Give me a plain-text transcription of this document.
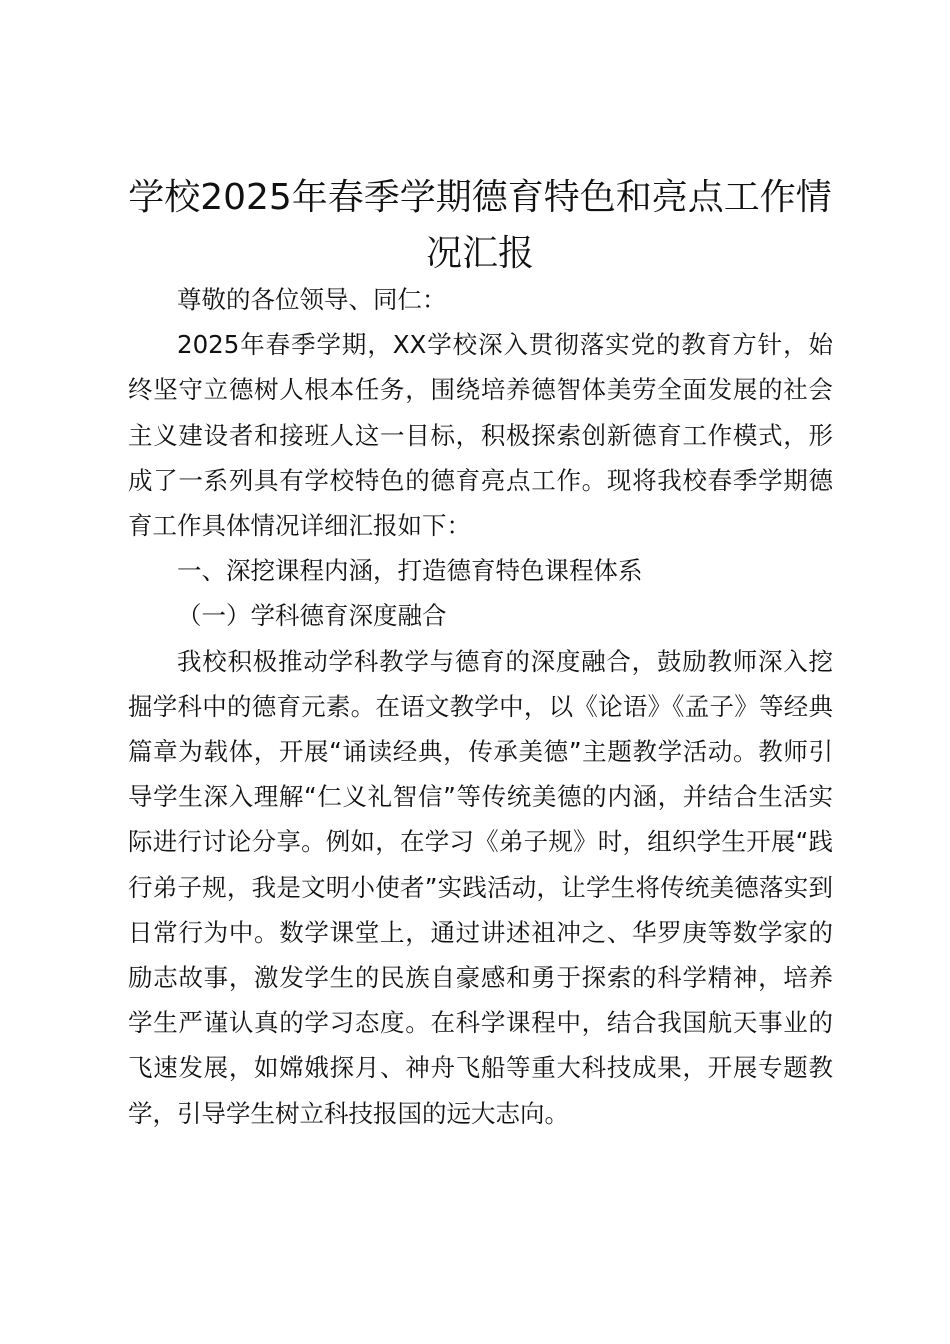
学校2025年春季学期德育特色和亮点工作情况汇报

尊敬的各位领导、同仁：

2025年春季学期，XX学校深入贯彻落实党的教育方针，始终坚守立德树人根本任务，围绕培养德智体美劳全面发展的社会主义建设者和接班人这一目标，积极探索创新德育工作模式，形成了一系列具有学校特色的德育亮点工作。现将我校春季学期德育工作具体情况详细汇报如下：

一、深挖课程内涵，打造德育特色课程体系

（一）学科德育深度融合

我校积极推动学科教学与德育的深度融合，鼓励教师深入挖掘学科中的德育元素。在语文教学中，以《论语》《孟子》等经典篇章为载体，开展“诵读经典，传承美德”主题教学活动。教师引导学生深入理解“仁义礼智信”等传统美德的内涵，并结合生活实际进行讨论分享。例如，在学习《弟子规》时，组织学生开展“践行弟子规，我是文明小使者”实践活动，让学生将传统美德落实到日常行为中。数学课堂上，通过讲述祖冲之、华罗庚等数学家的励志故事，激发学生的民族自豪感和勇于探索的科学精神，培养学生严谨认真的学习态度。在科学课程中，结合我国航天事业的飞速发展，如嫦娥探月、神舟飞船等重大科技成果，开展专题教学，引导学生树立科技报国的远大志向。
